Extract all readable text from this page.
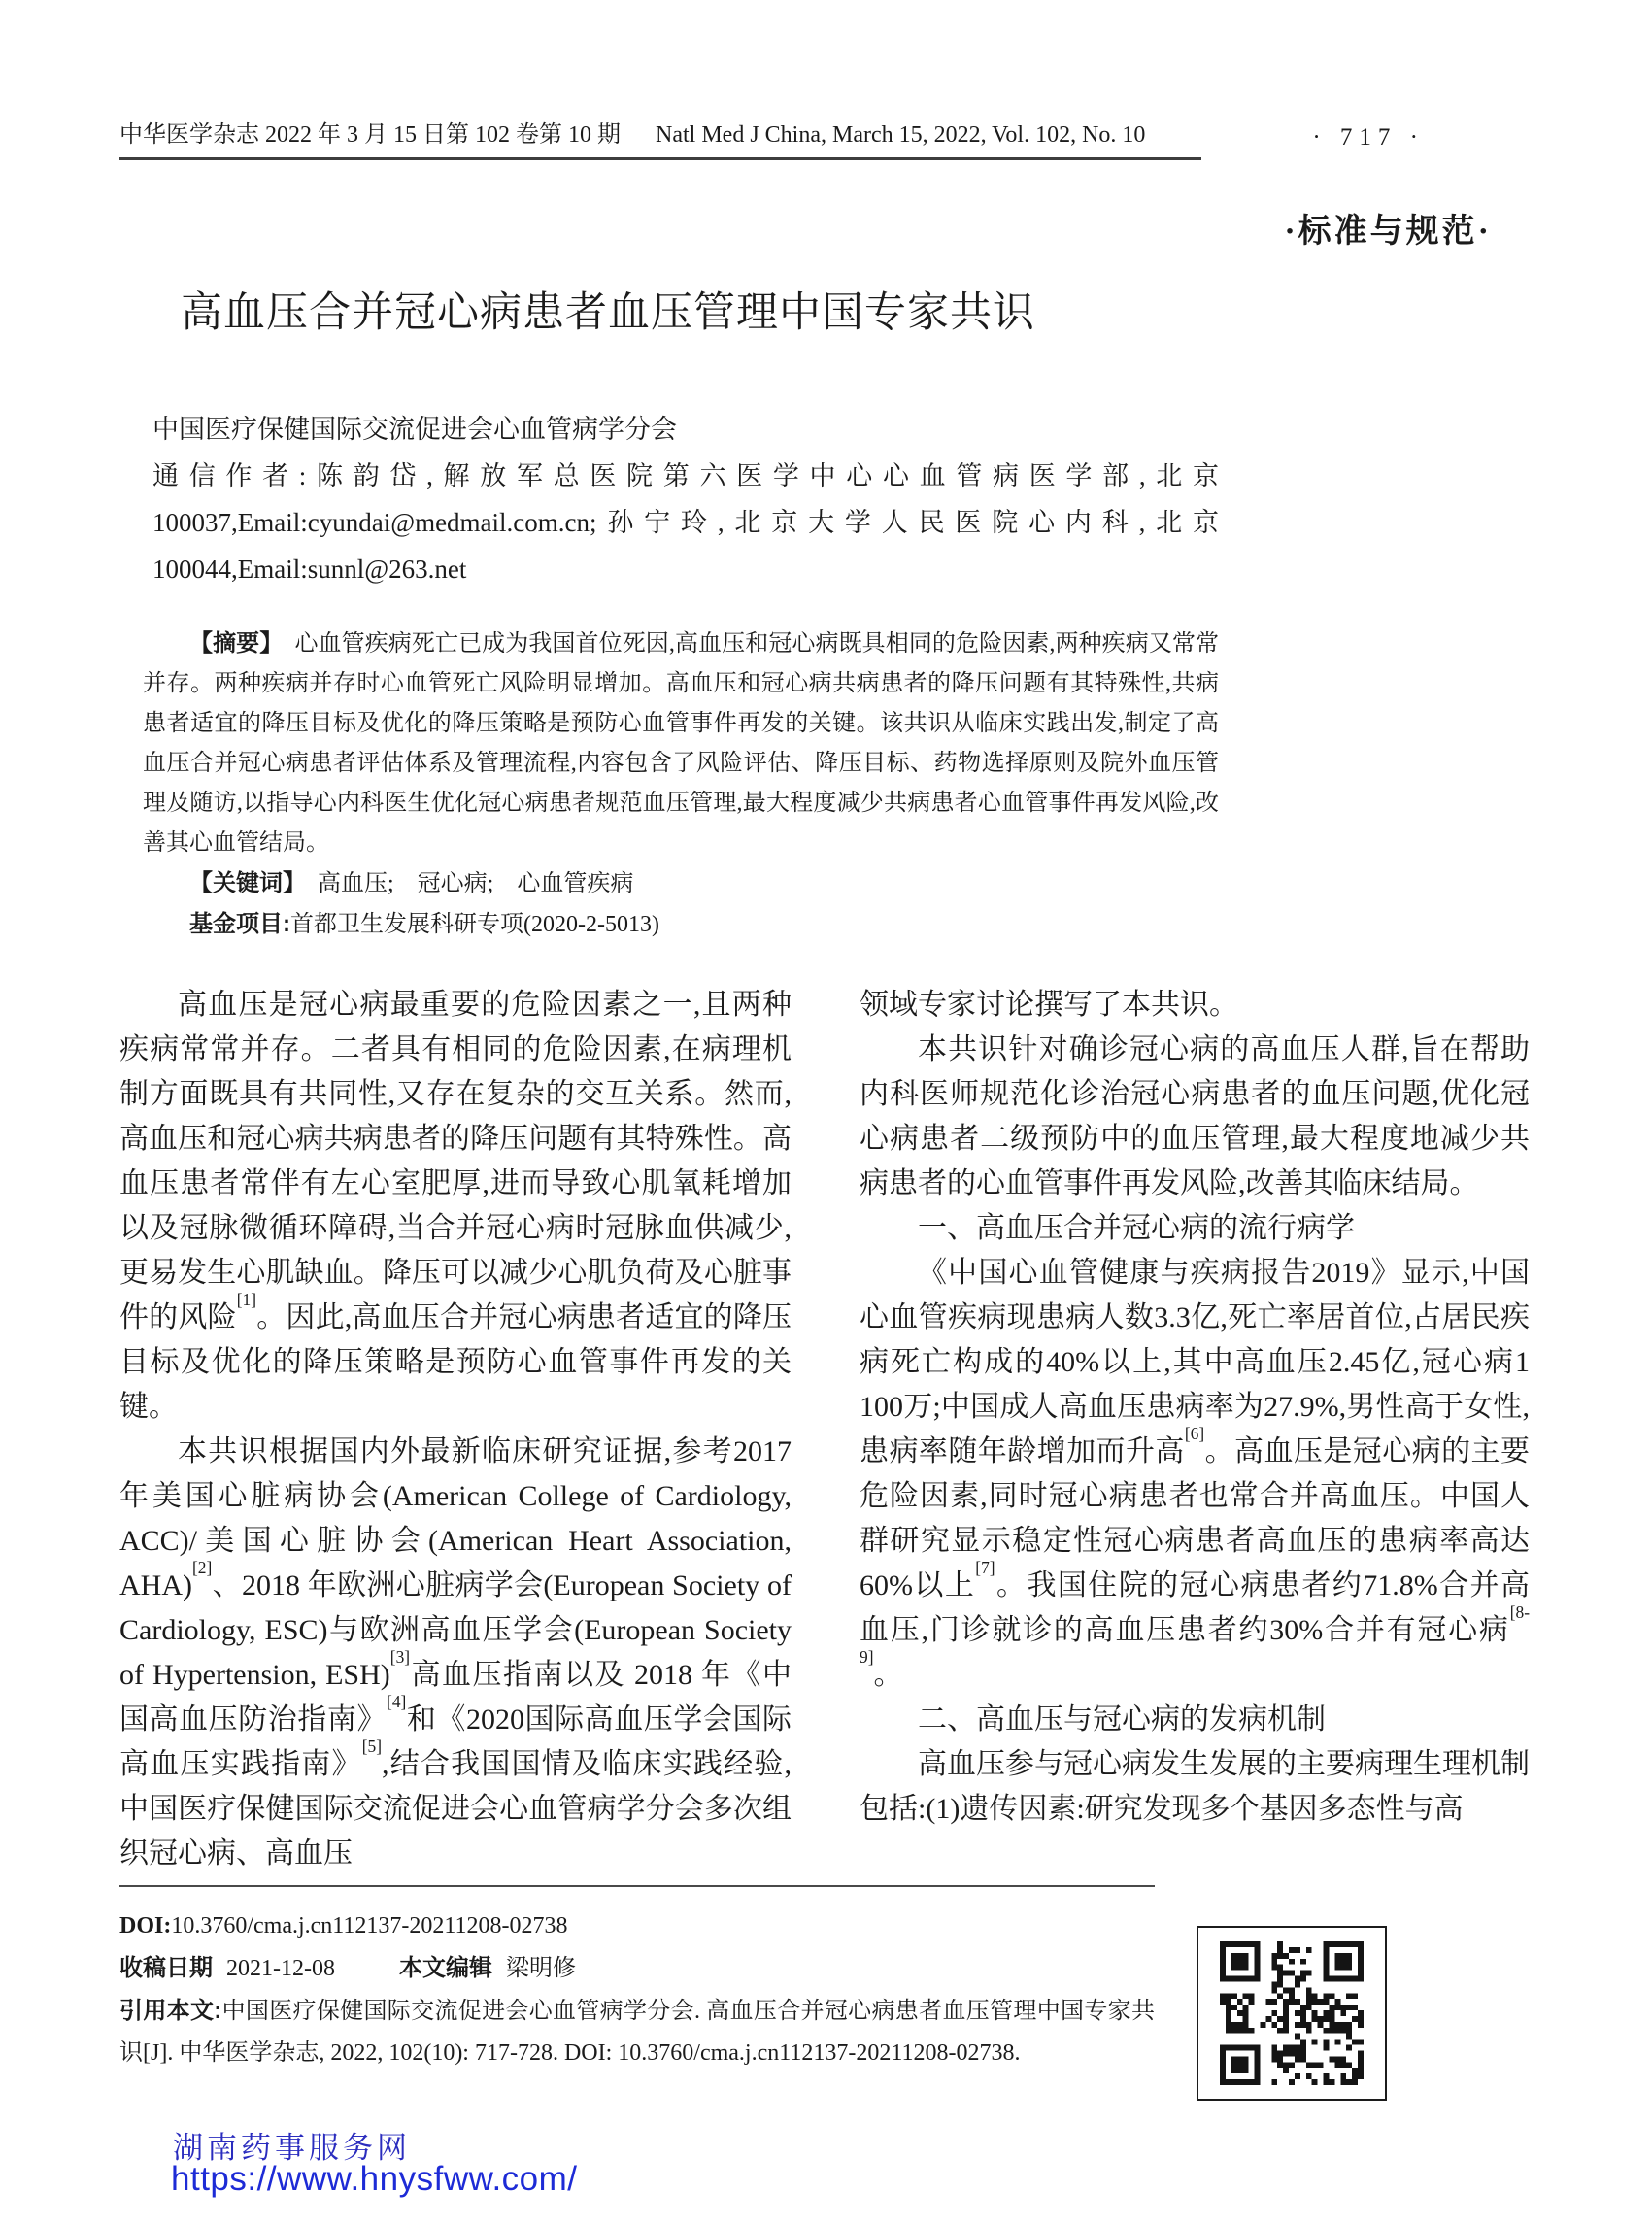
中华医学杂志 2022 年 3 月 15 日第 102 卷第 10 期 Natl Med J China, March 15, 2022, Vol. 102, No. 10	· 717 ·
·标准与规范·
高血压合并冠心病患者血压管理中国专家共识

中国医疗保健国际交流促进会心血管病学分会

通信作者:陈韵岱,解放军总医院第六医学中心心血管病医学部,北京 100037,Email:cyundai@medmail.com.cn;孙宁玲,北京大学人民医院心内科,北京 100044,Email:sunnl@263.net

【摘要】　心血管疾病死亡已成为我国首位死因,高血压和冠心病既具相同的危险因素,两种疾病又常常并存。两种疾病并存时心血管死亡风险明显增加。高血压和冠心病共病患者的降压问题有其特殊性,共病患者适宜的降压目标及优化的降压策略是预防心血管事件再发的关键。该共识从临床实践出发,制定了高血压合并冠心病患者评估体系及管理流程,内容包含了风险评估、降压目标、药物选择原则及院外血压管理及随访,以指导心内科医生优化冠心病患者规范血压管理,最大程度减少共病患者心血管事件再发风险,改善其心血管结局。

【关键词】　高血压;　冠心病;　心血管疾病

基金项目:首都卫生发展科研专项(2020-2-5013)

高血压是冠心病最重要的危险因素之一,且两种疾病常常并存。二者具有相同的危险因素,在病理机制方面既具有共同性,又存在复杂的交互关系。然而,高血压和冠心病共病患者的降压问题有其特殊性。高血压患者常伴有左心室肥厚,进而导致心肌氧耗增加以及冠脉微循环障碍,当合并冠心病时冠脉血供减少,更易发生心肌缺血。降压可以减少心肌负荷及心脏事件的风险[1]。因此,高血压合并冠心病患者适宜的降压目标及优化的降压策略是预防心血管事件再发的关键。

本共识根据国内外最新临床研究证据,参考2017 年美国心脏病协会(American College of Cardiology, ACC)/美国心脏协会(American Heart Association, AHA)[2]、2018 年欧洲心脏病学会(European Society of Cardiology, ESC)与欧洲高血压学会(European Society of Hypertension, ESH)[3]高血压指南以及 2018 年《中国高血压防治指南》[4]和《2020国际高血压学会国际高血压实践指南》[5],结合我国国情及临床实践经验,中国医疗保健国际交流促进会心血管病学分会多次组织冠心病、高血压

领域专家讨论撰写了本共识。

本共识针对确诊冠心病的高血压人群,旨在帮助内科医师规范化诊治冠心病患者的血压问题,优化冠心病患者二级预防中的血压管理,最大程度地减少共病患者的心血管事件再发风险,改善其临床结局。

一、高血压合并冠心病的流行病学

《中国心血管健康与疾病报告2019》显示,中国心血管疾病现患病人数3.3亿,死亡率居首位,占居民疾病死亡构成的40%以上,其中高血压2.45亿,冠心病1 100万;中国成人高血压患病率为27.9%,男性高于女性,患病率随年龄增加而升高[6]。高血压是冠心病的主要危险因素,同时冠心病患者也常合并高血压。中国人群研究显示稳定性冠心病患者高血压的患病率高达60%以上[7]。我国住院的冠心病患者约71.8%合并高血压,门诊就诊的高血压患者约30%合并有冠心病[8-9]。

二、高血压与冠心病的发病机制

高血压参与冠心病发生发展的主要病理生理机制包括:(1)遗传因素:研究发现多个基因多态性与高

DOI:10.3760/cma.j.cn112137-20211208-02738

收稿日期 2021-12-08	本文编辑 梁明修

引用本文:中国医疗保健国际交流促进会心血管病学分会. 高血压合并冠心病患者血压管理中国专家共识[J]. 中华医学杂志, 2022, 102(10): 717-728. DOI: 10.3760/cma.j.cn112137-20211208-02738.

湖南药事服务网

https://www.hnysfww.com/
